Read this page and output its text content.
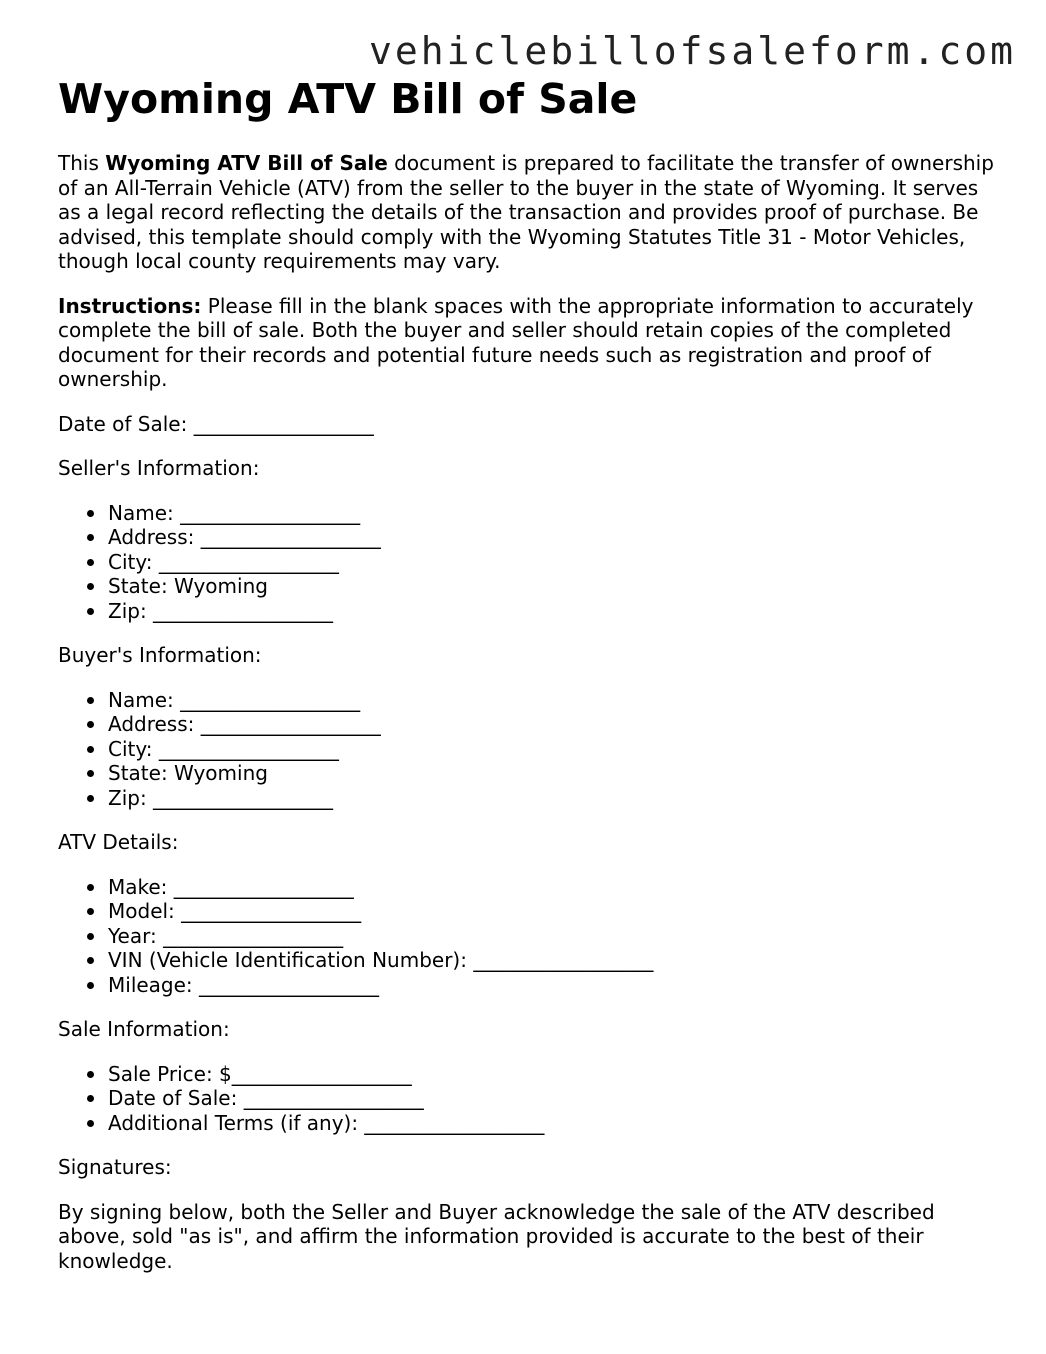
vehiclebillofsaleform.com
Wyoming ATV Bill of Sale

This Wyoming ATV Bill of Sale document is prepared to facilitate the transfer of ownership of an All-Terrain Vehicle (ATV) from the seller to the buyer in the state of Wyoming. It serves as a legal record reflecting the details of the transaction and provides proof of purchase. Be advised, this template should comply with the Wyoming Statutes Title 31 - Motor Vehicles, though local county requirements may vary.

Instructions: Please fill in the blank spaces with the appropriate information to accurately complete the bill of sale. Both the buyer and seller should retain copies of the completed document for their records and potential future needs such as registration and proof of ownership.

Date of Sale: __________________

Seller's Information:

Name: __________________
Address: __________________
City: __________________
State: Wyoming
Zip: __________________

Buyer's Information:

Name: __________________
Address: __________________
City: __________________
State: Wyoming
Zip: __________________

ATV Details:

Make: __________________
Model: __________________
Year: __________________
VIN (Vehicle Identification Number): __________________
Mileage: __________________

Sale Information:

Sale Price: $__________________
Date of Sale: __________________
Additional Terms (if any): __________________

Signatures:

By signing below, both the Seller and Buyer acknowledge the sale of the ATV described above, sold "as is", and affirm the information provided is accurate to the best of their knowledge.
